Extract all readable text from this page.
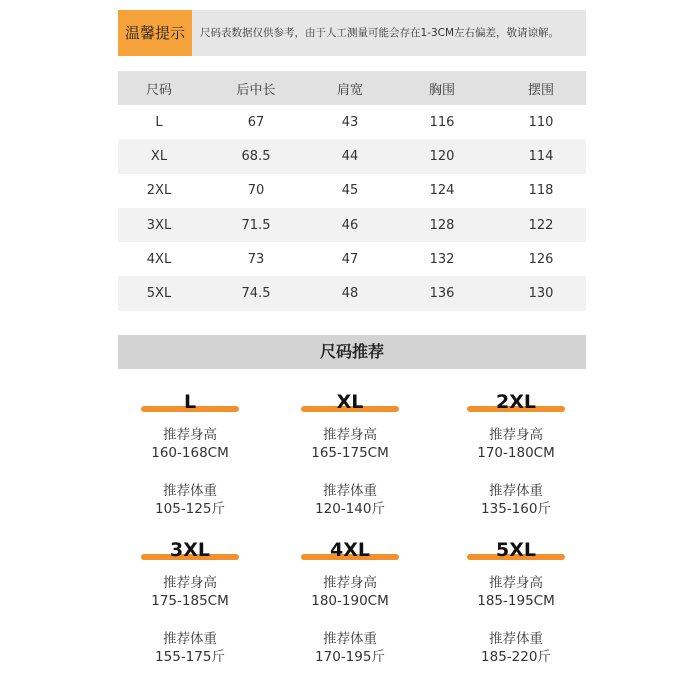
温馨提示	尺码表数据仅供参考，由于人工测量可能会存在1-3CM左右偏差，敬请谅解。
尺码	后中长	肩宽	胸围	摆围
L	67	43	116	110
XL	68.5	44	120	114
2XL	70	45	124	118
3XL	71.5	46	128	122
4XL	73	47	132	126
5XL	74.5	48	136	130
尺码推荐
L
推荐身高
160-168CM
推荐体重
105-125斤
XL
推荐身高
165-175CM
推荐体重
120-140斤
2XL
推荐身高
170-180CM
推荐体重
135-160斤
3XL
推荐身高
175-185CM
推荐体重
155-175斤
4XL
推荐身高
180-190CM
推荐体重
170-195斤
5XL
推荐身高
185-195CM
推荐体重
185-220斤
